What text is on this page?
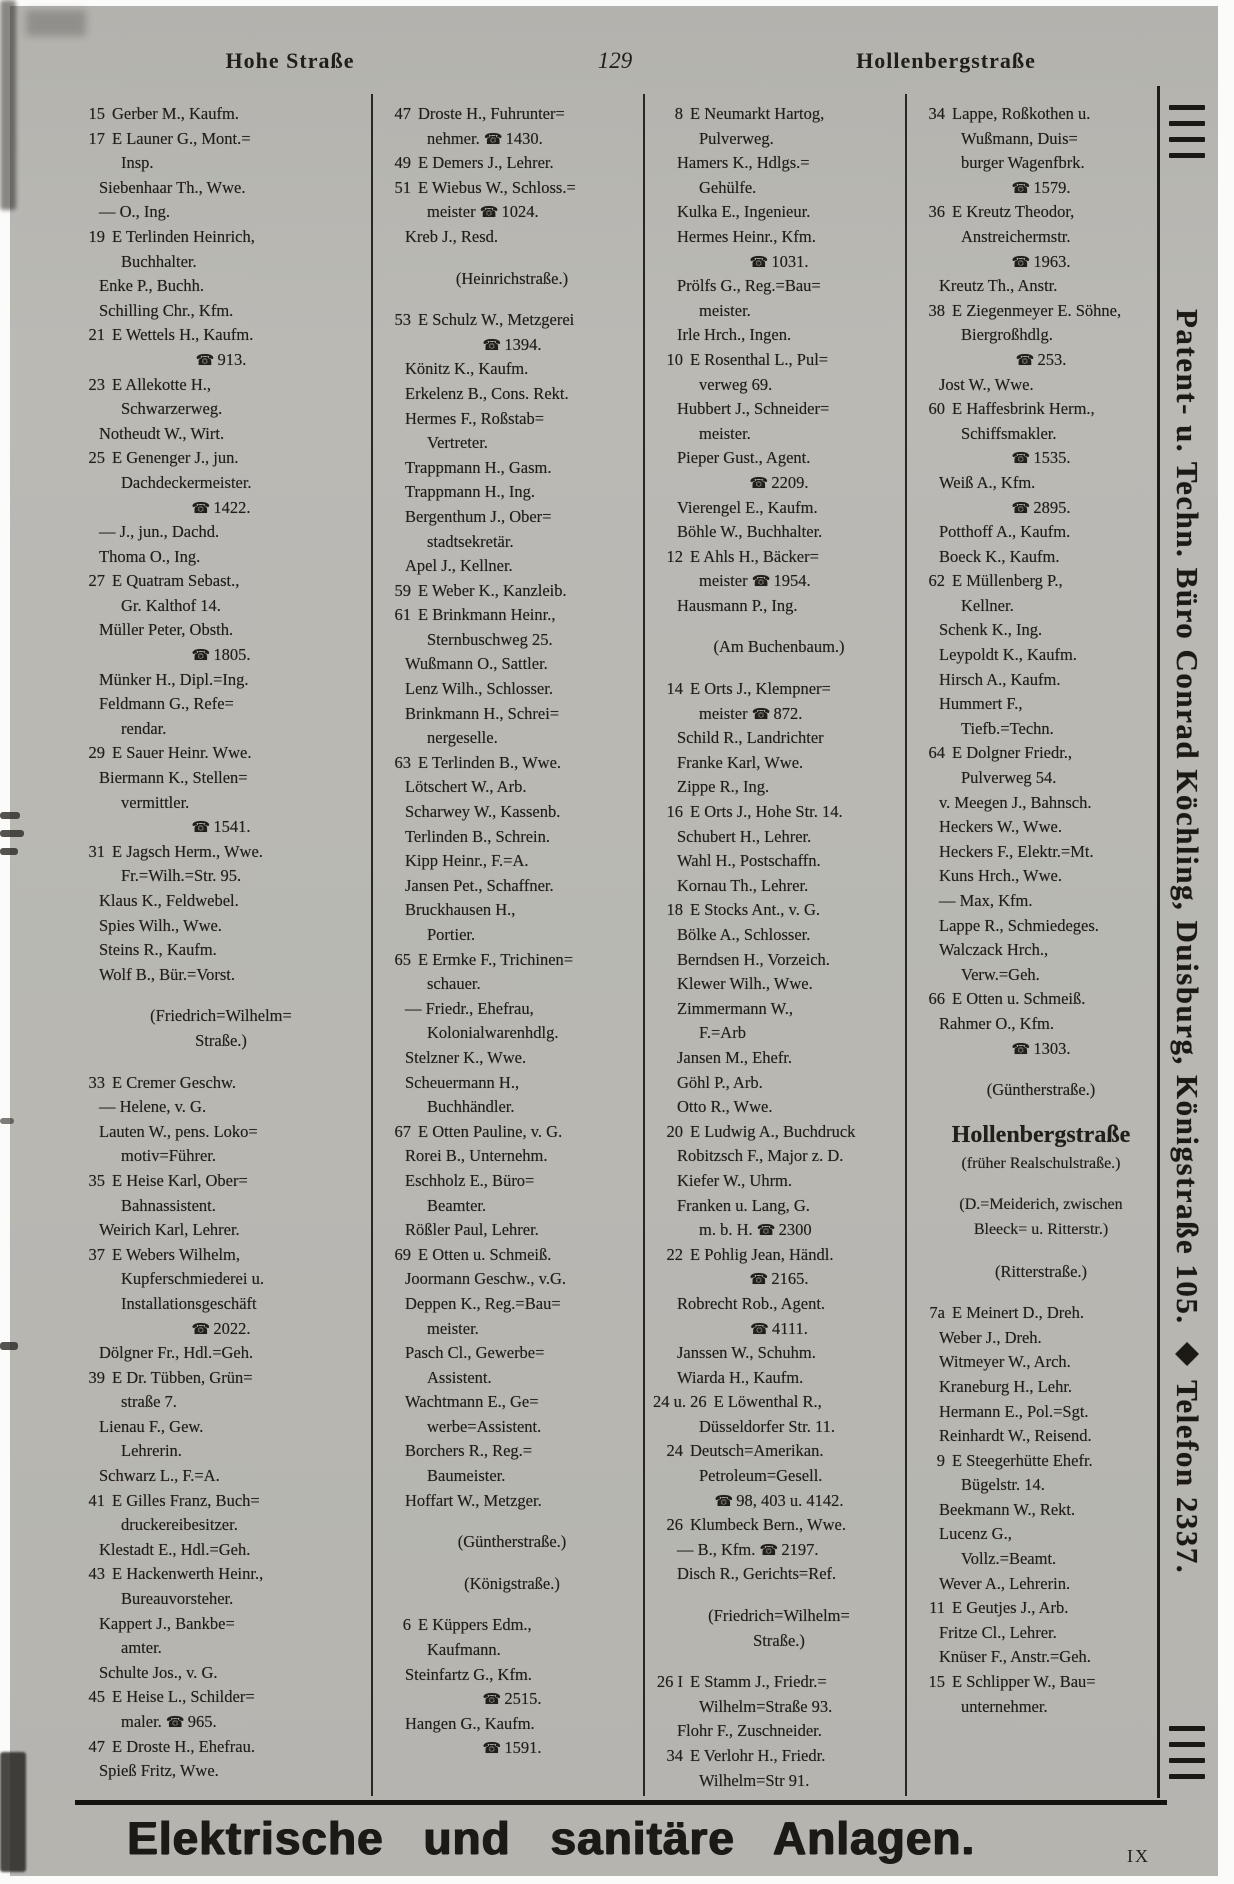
Hohe Straße	129	Hollenbergstraße
15 Gerber M., Kaufm.
17 E Launer G., Mont.=
Insp.
Siebenhaar Th., Wwe.
— O., Ing.
19 E Terlinden Heinrich,
Buchhalter.
Enke P., Buchh.
Schilling Chr., Kfm.
21 E Wettels H., Kaufm.
☎ 913.
23 E Allekotte H.,
Schwarzerweg.
Notheudt W., Wirt.
25 E Genenger J., jun.
Dachdeckermeister.
☎ 1422.
— J., jun., Dachd.
Thoma O., Ing.
27 E Quatram Sebast.,
Gr. Kalthof 14.
Müller Peter, Obsth.
☎ 1805.
Münker H., Dipl.=Ing.
Feldmann G., Refe=
rendar.
29 E Sauer Heinr. Wwe.
Biermann K., Stellen=
vermittler.
☎ 1541.
31 E Jagsch Herm., Wwe.
Fr.=Wilh.=Str. 95.
Klaus K., Feldwebel.
Spies Wilh., Wwe.
Steins R., Kaufm.
Wolf B., Bür.=Vorst.
(Friedrich=Wilhelm=
Straße.)
33 E Cremer Geschw.
— Helene, v. G.
Lauten W., pens. Loko=
motiv=Führer.
35 E Heise Karl, Ober=
Bahnassistent.
Weirich Karl, Lehrer.
37 E Webers Wilhelm,
Kupferschmiederei u.
Installationsgeschäft
☎ 2022.
Dölgner Fr., Hdl.=Geh.
39 E Dr. Tübben, Grün=
straße 7.
Lienau F., Gew.
Lehrerin.
Schwarz L., F.=A.
41 E Gilles Franz, Buch=
druckereibesitzer.
Klestadt E., Hdl.=Geh.
43 E Hackenwerth Heinr.,
Bureauvorsteher.
Kappert J., Bankbe=
amter.
Schulte Jos., v. G.
45 E Heise L., Schilder=
maler. ☎ 965.
47 E Droste H., Ehefrau.
Spieß Fritz, Wwe.
47 Droste H., Fuhrunter=
nehmer. ☎ 1430.
49 E Demers J., Lehrer.
51 E Wiebus W., Schloss.=
meister ☎ 1024.
Kreb J., Resd.
(Heinrichstraße.)
53 E Schulz W., Metzgerei
☎ 1394.
Könitz K., Kaufm.
Erkelenz B., Cons. Rekt.
Hermes F., Roßstab=
Vertreter.
Trappmann H., Gasm.
Trappmann H., Ing.
Bergenthum J., Ober=
stadtsekretär.
Apel J., Kellner.
59 E Weber K., Kanzleib.
61 E Brinkmann Heinr.,
Sternbuschweg 25.
Wußmann O., Sattler.
Lenz Wilh., Schlosser.
Brinkmann H., Schrei=
nergeselle.
63 E Terlinden B., Wwe.
Lötschert W., Arb.
Scharwey W., Kassenb.
Terlinden B., Schrein.
Kipp Heinr., F.=A.
Jansen Pet., Schaffner.
Bruckhausen H.,
Portier.
65 E Ermke F., Trichinen=
schauer.
— Friedr., Ehefrau,
Kolonialwarenhdlg.
Stelzner K., Wwe.
Scheuermann H.,
Buchhändler.
67 E Otten Pauline, v. G.
Rorei B., Unternehm.
Eschholz E., Büro=
Beamter.
Rößler Paul, Lehrer.
69 E Otten u. Schmeiß.
Joormann Geschw., v.G.
Deppen K., Reg.=Bau=
meister.
Pasch Cl., Gewerbe=
Assistent.
Wachtmann E., Ge=
werbe=Assistent.
Borchers R., Reg.=
Baumeister.
Hoffart W., Metzger.
(Güntherstraße.)
(Königstraße.)
6 E Küppers Edm.,
Kaufmann.
Steinfartz G., Kfm.
☎ 2515.
Hangen G., Kaufm.
☎ 1591.
8 E Neumarkt Hartog,
Pulverweg.
Hamers K., Hdlgs.=
Gehülfe.
Kulka E., Ingenieur.
Hermes Heinr., Kfm.
☎ 1031.
Prölfs G., Reg.=Bau=
meister.
Irle Hrch., Ingen.
10 E Rosenthal L., Pul=
verweg 69.
Hubbert J., Schneider=
meister.
Pieper Gust., Agent.
☎ 2209.
Vierengel E., Kaufm.
Böhle W., Buchhalter.
12 E Ahls H., Bäcker=
meister ☎ 1954.
Hausmann P., Ing.
(Am Buchenbaum.)
14 E Orts J., Klempner=
meister ☎ 872.
Schild R., Landrichter
Franke Karl, Wwe.
Zippe R., Ing.
16 E Orts J., Hohe Str. 14.
Schubert H., Lehrer.
Wahl H., Postschaffn.
Kornau Th., Lehrer.
18 E Stocks Ant., v. G.
Bölke A., Schlosser.
Berndsen H., Vorzeich.
Klewer Wilh., Wwe.
Zimmermann W.,
F.=Arb
Jansen M., Ehefr.
Göhl P., Arb.
Otto R., Wwe.
20 E Ludwig A., Buchdruck
Robitzsch F., Major z. D.
Kiefer W., Uhrm.
Franken u. Lang, G.
m. b. H. ☎ 2300
22 E Pohlig Jean, Händl.
☎ 2165.
Robrecht Rob., Agent.
☎ 4111.
Janssen W., Schuhm.
Wiarda H., Kaufm.
24 u. 26 E Löwenthal R.,
Düsseldorfer Str. 11.
24 Deutsch=Amerikan.
Petroleum=Gesell.
☎ 98, 403 u. 4142.
26 Klumbeck Bern., Wwe.
— B., Kfm. ☎ 2197.
Disch R., Gerichts=Ref.
(Friedrich=Wilhelm=
Straße.)
26 I E Stamm J., Friedr.=
Wilhelm=Straße 93.
Flohr F., Zuschneider.
34 E Verlohr H., Friedr.
Wilhelm=Str 91.
34 Lappe, Roßkothen u.
Wußmann, Duis=
burger Wagenfbrk.
☎ 1579.
36 E Kreutz Theodor,
Anstreichermstr.
☎ 1963.
Kreutz Th., Anstr.
38 E Ziegenmeyer E. Söhne,
Biergroßhdlg.
☎ 253.
Jost W., Wwe.
60 E Haffesbrink Herm.,
Schiffsmakler.
☎ 1535.
Weiß A., Kfm.
☎ 2895.
Potthoff A., Kaufm.
Boeck K., Kaufm.
62 E Müllenberg P.,
Kellner.
Schenk K., Ing.
Leypoldt K., Kaufm.
Hirsch A., Kaufm.
Hummert F.,
Tiefb.=Techn.
64 E Dolgner Friedr.,
Pulverweg 54.
v. Meegen J., Bahnsch.
Heckers W., Wwe.
Heckers F., Elektr.=Mt.
Kuns Hrch., Wwe.
— Max, Kfm.
Lappe R., Schmiedeges.
Walczack Hrch.,
Verw.=Geh.
66 E Otten u. Schmeiß.
Rahmer O., Kfm.
☎ 1303.
(Güntherstraße.)
Hollenbergstraße
(früher Realschulstraße.)
(D.=Meiderich, zwischen
Bleeck= u. Ritterstr.)
(Ritterstraße.)
7a E Meinert D., Dreh.
Weber J., Dreh.
Witmeyer W., Arch.
Kraneburg H., Lehr.
Hermann E., Pol.=Sgt.
Reinhardt W., Reisend.
9 E Steegerhütte Ehefr.
Bügelstr. 14.
Beekmann W., Rekt.
Lucenz G.,
Vollz.=Beamt.
Wever A., Lehrerin.
11 E Geutjes J., Arb.
Fritze Cl., Lehrer.
Knüser F., Anstr.=Geh.
15 E Schlipper W., Bau=
unternehmer.
Patent- u. Techn. Büro Conrad Köchling, Duisburg, Königstraße 105. ◆ Telefon 2337.
Elektrische und sanitäre Anlagen.	IX
